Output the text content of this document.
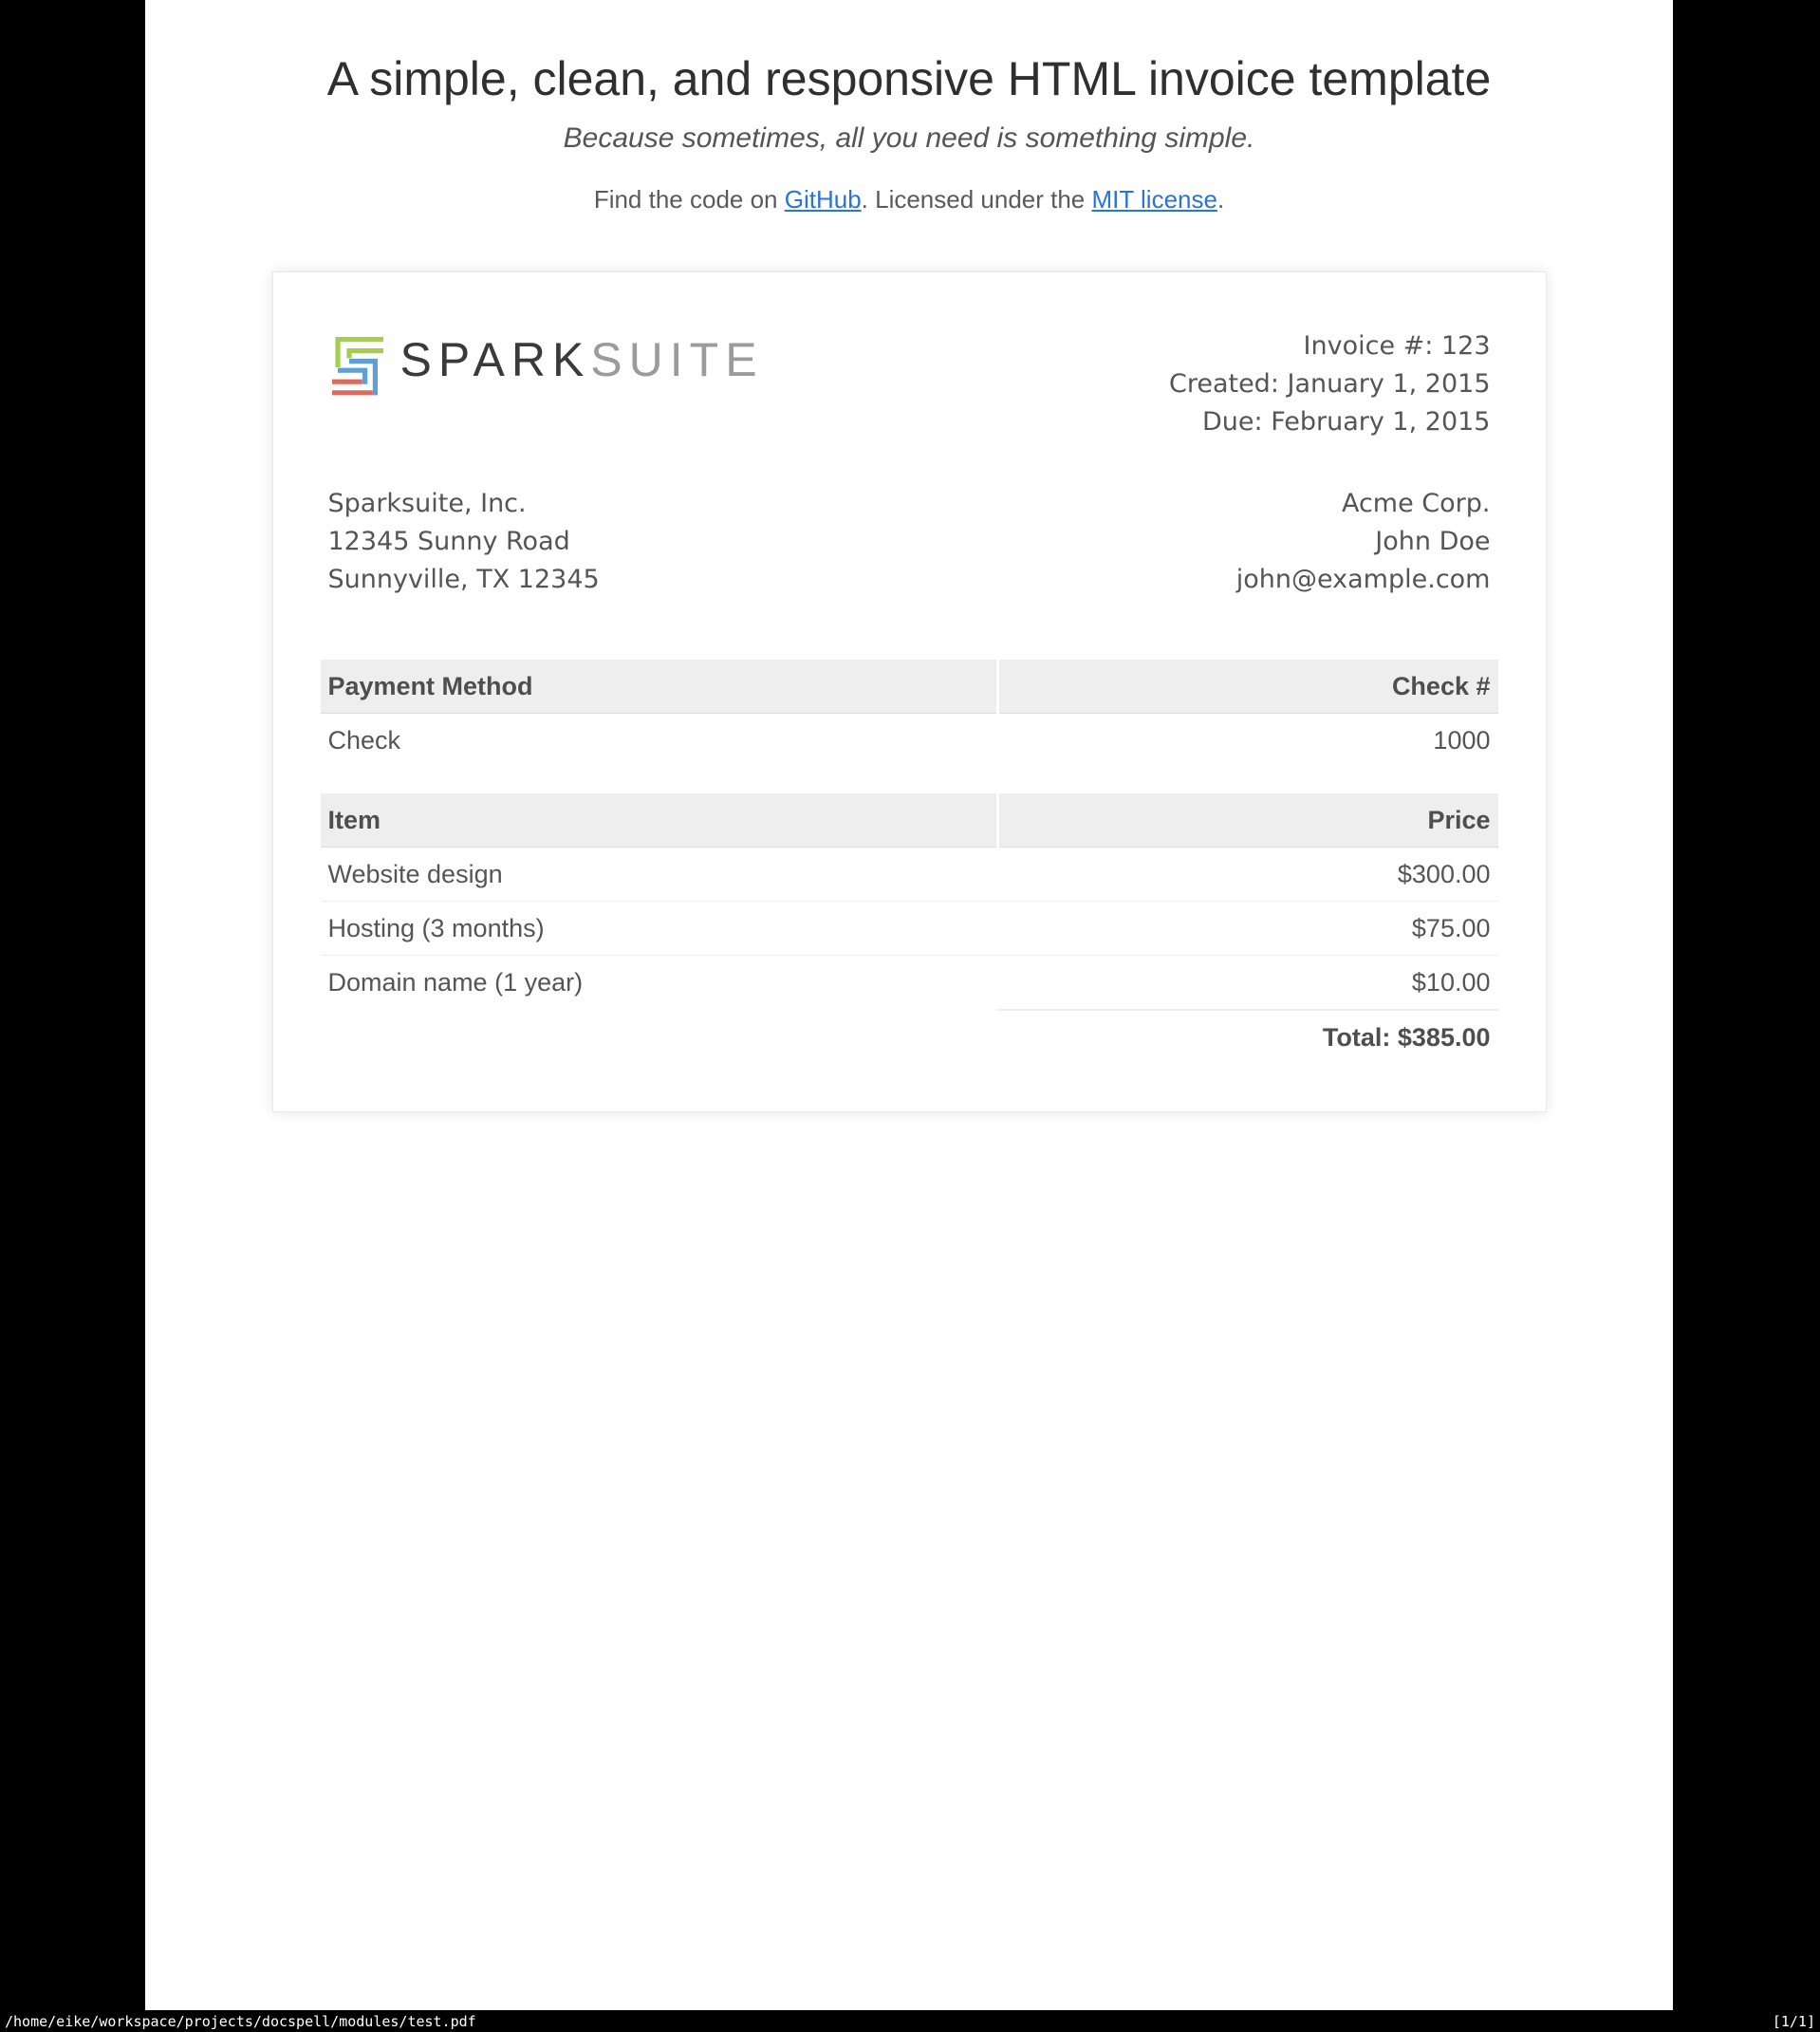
A simple, clean, and responsive HTML invoice template

Because sometimes, all you need is something simple.

Find the code on GitHub. Licensed under the MIT license.

SPARKSUITE	Invoice #: 123
Created: January 1, 2015
Due: February 1, 2015
Sparksuite, Inc.
12345 Sunny Road
Sunnyville, TX 12345
Acme Corp.
John Doe
john@example.com
Payment Method	Check #
Check	1000
Item	Price
Website design	$300.00
Hosting (3 months)	$75.00
Domain name (1 year)	$10.00
Total: $385.00
/home/eike/workspace/projects/docspell/modules/test.pdf	[1/1]
